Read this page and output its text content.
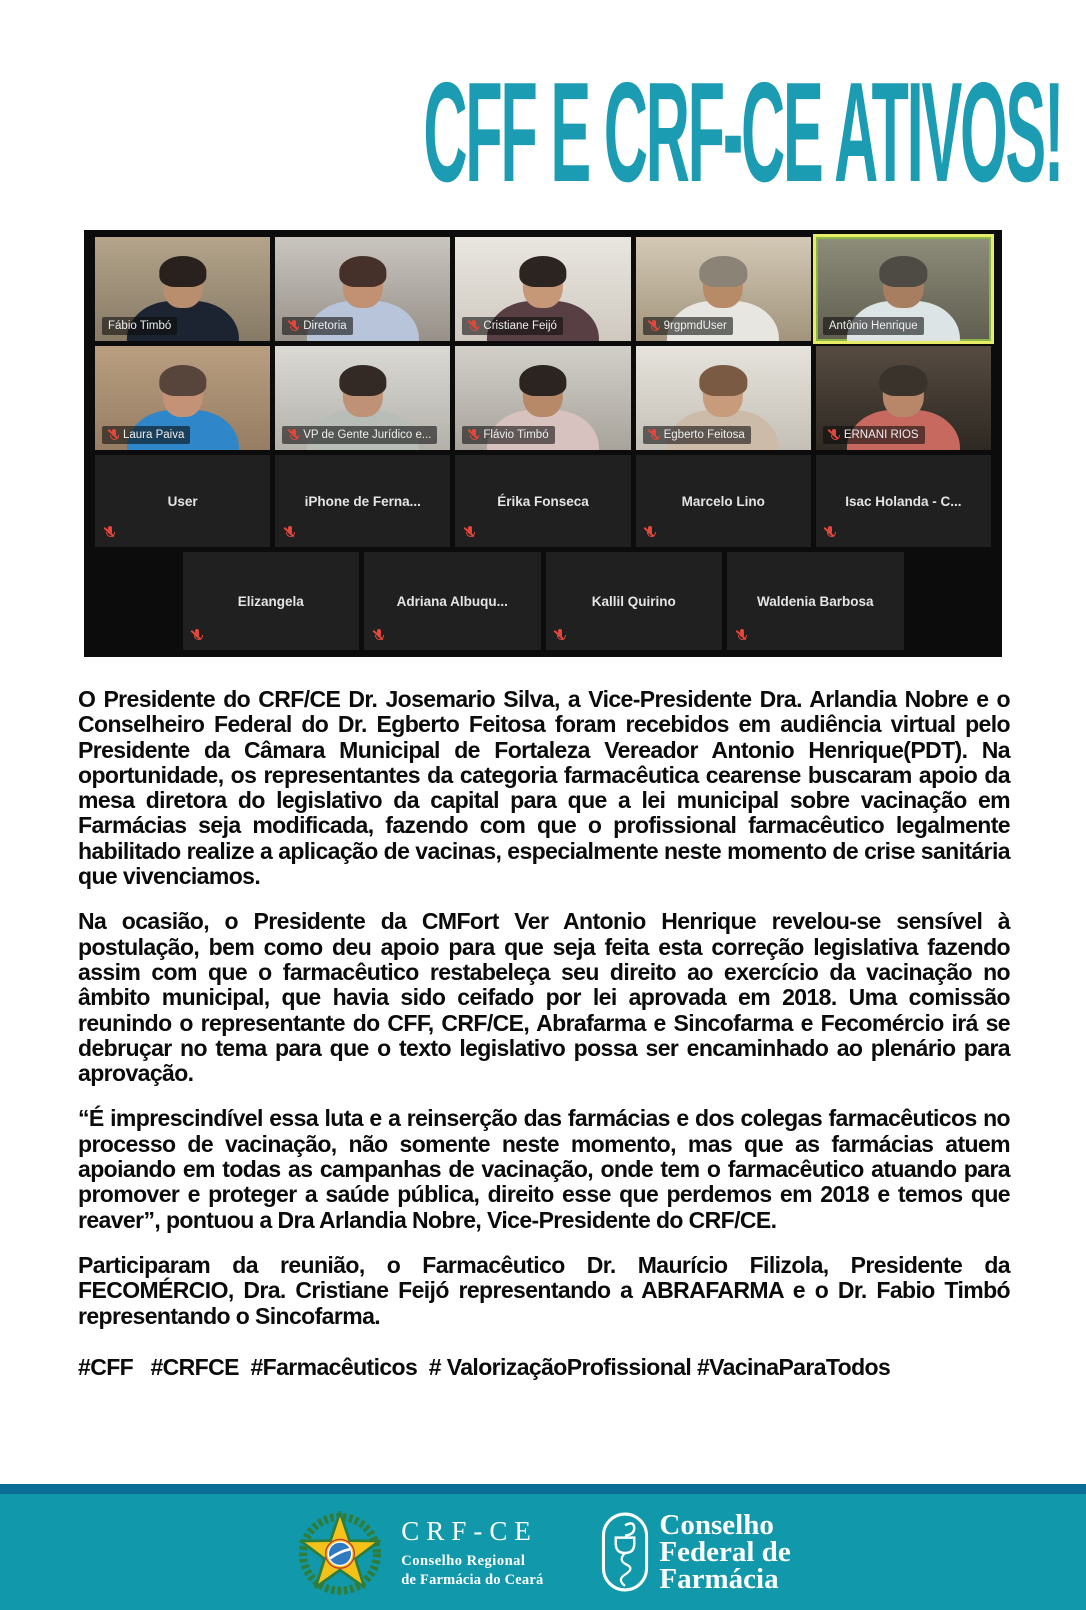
CFF E CRF-CE ATIVOS!
Fábio Timbó	Diretoria	Cristiane Feijó	9rgpmdUser	Antônio Henrique
Laura Paiva	VP de Gente Jurídico e...	Flávio Timbó	Egberto Feitosa	ERNANI RIOS
User	iPhone de Ferna...	Érika Fonseca	Marcelo Lino	Isac Holanda - C...
Elizangela	Adriana Albuqu...	Kallil Quirino	Waldenia Barbosa

O Presidente do CRF/CE Dr. Josemario Silva, a Vice-Presidente Dra. Arlandia Nobre e o Conselheiro Federal do Dr. Egberto Feitosa foram recebidos em audiência virtual pelo Presidente da Câmara Municipal de Fortaleza Vereador Antonio Henrique(PDT). Na oportunidade, os representantes da categoria farmacêutica cearense buscaram apoio da mesa diretora do legislativo da capital para que a lei municipal sobre vacinação em Farmácias seja modificada, fazendo com que o profissional farmacêutico legalmente habilitado realize a aplicação de vacinas, especialmente neste momento de crise sanitária que vivenciamos.

Na ocasião, o Presidente da CMFort Ver Antonio Henrique revelou-se sensível à postulação, bem como deu apoio para que seja feita esta correção legislativa fazendo assim com que o farmacêutico restabeleça seu direito ao exercício da vacinação no âmbito municipal, que havia sido ceifado por lei aprovada em 2018. Uma comissão reunindo o representante do CFF, CRF/CE, Abrafarma e Sincofarma e Fecomércio irá se debruçar no tema para que o texto legislativo possa ser encaminhado ao plenário para aprovação.

“É imprescindível essa luta e a reinserção das farmácias e dos colegas farmacêuticos no processo de vacinação, não somente neste momento, mas que as farmácias atuem apoiando em todas as campanhas de vacinação, onde tem o farmacêutico atuando para promover e proteger a saúde pública, direito esse que perdemos em 2018 e temos que reaver”, pontuou a Dra Arlandia Nobre, Vice-Presidente do CRF/CE.

Participaram da reunião, o Farmacêutico Dr. Maurício Filizola, Presidente da FECOMÉRCIO, Dra. Cristiane Feijó representando a ABRAFARMA e o Dr. Fabio Timbó representando o Sincofarma.

#CFF   #CRFCE  #Farmacêuticos  # ValorizaçãoProfissional #VacinaParaTodos

CRF-CE
Conselho Regional
de Farmácia do Ceará
Conselho
Federal de
Farmácia
